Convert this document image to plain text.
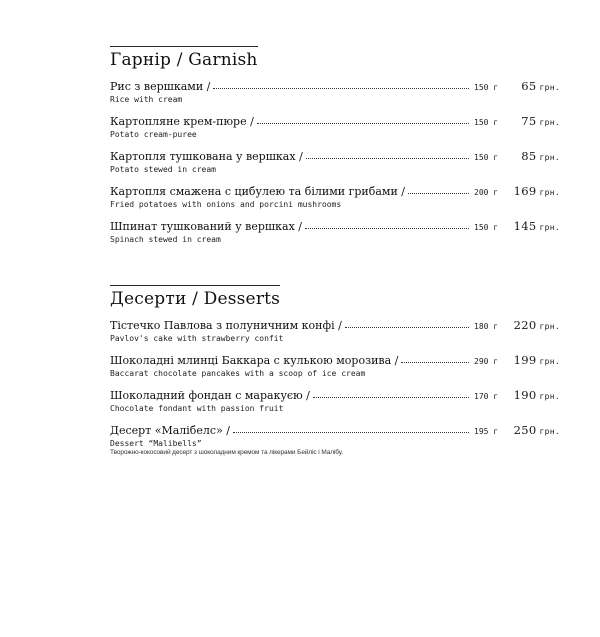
Гарнір / Garnish
Рис з вершками /	150 г	65 грн.
Rice with cream
Картопляне крем-пюре /	150 г	75 грн.
Potato cream-puree
Картопля тушкована у вершках /	150 г	85 грн.
Potato stewed in cream
Картопля смажена с цибулею та білими грибами /	200 г	169 грн.
Fried potatoes with onions and porcini mushrooms
Шпинат тушкований у вершках /	150 г	145 грн.
Spinach stewed in cream
Десерти / Desserts
Тістечко Павлова з полуничним конфі /	180 г	220 грн.
Pavlov's cake with strawberry confit
Шоколадні млинці Баккара с кулькою морозива /	290 г	199 грн.
Baccarat chocolate pancakes with a scoop of ice cream
Шоколадний фондан с маракуєю /	170 г	190 грн.
Chocolate fondant with passion fruit
Десерт «Малібелс» /	195 г	250 грн.
Dessert “Malibells”
Творожно-кокосовий десерт з шоколадним кремом та лікерами Бейліс і Малібу.
